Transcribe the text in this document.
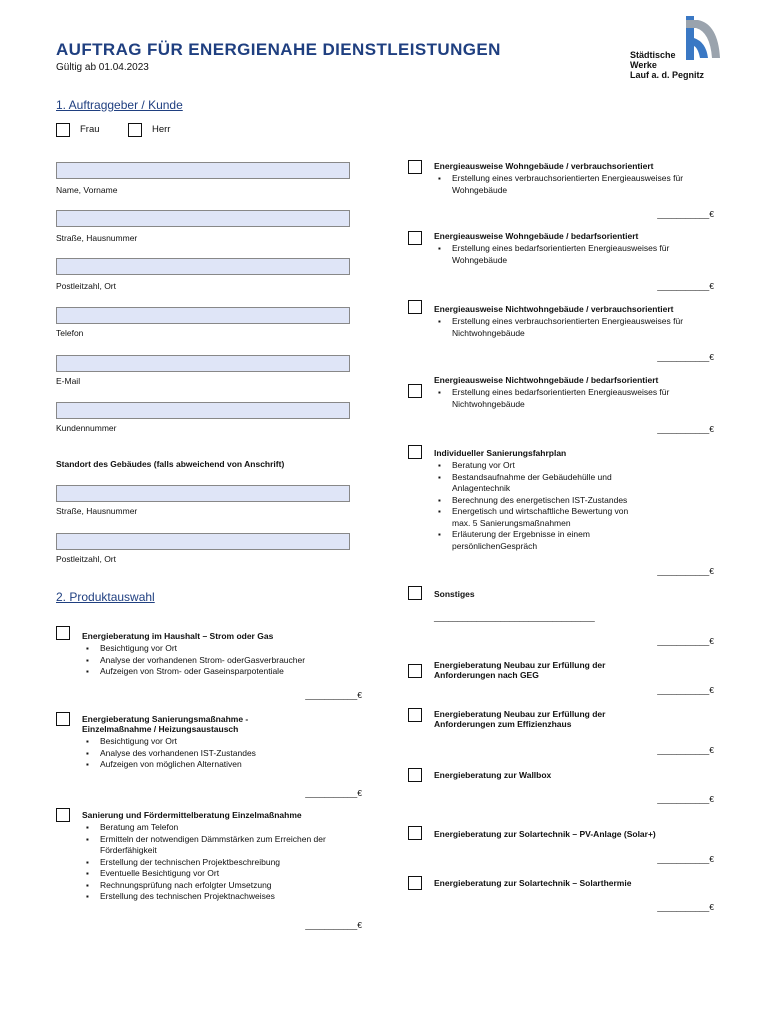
AUFTRAG FÜR ENERGIENAHE DIENSTLEISTUNGEN
Gültig ab 01.04.2023
Städtische
Werke
Lauf a. d. Pegnitz
1. Auftraggeber / Kunde
Frau	Herr
Name, Vorname
Straße, Hausnummer
Postleitzahl, Ort
Telefon
E-Mail
Kundennummer
Standort des Gebäudes (falls abweichend von Anschrift)
Straße, Hausnummer
Postleitzahl, Ort
2. Produktauswahl
Energieberatung im Haushalt – Strom oder Gas
▪ Besichtigung vor Ort
▪ Analyse der vorhandenen Strom- oderGasverbraucher
▪ Aufzeigen von Strom- oder Gaseinsparpotentiale
___________€
Energieberatung Sanierungsmaßnahme - Einzelmaßnahme / Heizungsaustausch
▪ Besichtigung vor Ort
▪ Analyse des vorhandenen IST-Zustandes
▪ Aufzeigen von möglichen Alternativen
___________€
Sanierung und Fördermittelberatung Einzelmaßnahme
▪ Beratung am Telefon
▪ Ermitteln der notwendigen Dämmstärken zum Erreichen der Förderfähigkeit
▪ Erstellung der technischen Projektbeschreibung
▪ Eventuelle Besichtigung vor Ort
▪ Rechnungsprüfung nach erfolgter Umsetzung
▪ Erstellung des technischen Projektnachweises
___________€
Energieausweise Wohngebäude / verbrauchsorientiert
▪ Erstellung eines verbrauchsorientierten Energieausweises für Wohngebäude
___________€
Energieausweise Wohngebäude / bedarfsorientiert
▪ Erstellung eines bedarfsorientierten Energieausweises für Wohngebäude
___________€
Energieausweise Nichtwohngebäude / verbrauchsorientiert
▪ Erstellung eines verbrauchsorientierten Energieausweises für Nichtwohngebäude
___________€
Energieausweise Nichtwohngebäude / bedarfsorientiert
▪ Erstellung eines bedarfsorientierten Energieausweises für Nichtwohngebäude
___________€
Individueller Sanierungsfahrplan
▪ Beratung vor Ort
▪ Bestandsaufnahme der Gebäudehülle und Anlagentechnik
▪ Berechnung des energetischen IST-Zustandes
▪ Energetisch und wirtschaftliche Bewertung von max. 5 Sanierungsmaßnahmen
▪ Erläuterung der Ergebnisse in einem persönlichenGespräch
___________€
Sonstiges
__________________________________
___________€
Energieberatung Neubau zur Erfüllung der Anforderungen nach GEG
___________€
Energieberatung Neubau zur Erfüllung der Anforderungen zum Effizienzhaus
___________€
Energieberatung zur Wallbox
___________€
Energieberatung zur Solartechnik – PV-Anlage (Solar+)
___________€
Energieberatung zur Solartechnik – Solarthermie
___________€
